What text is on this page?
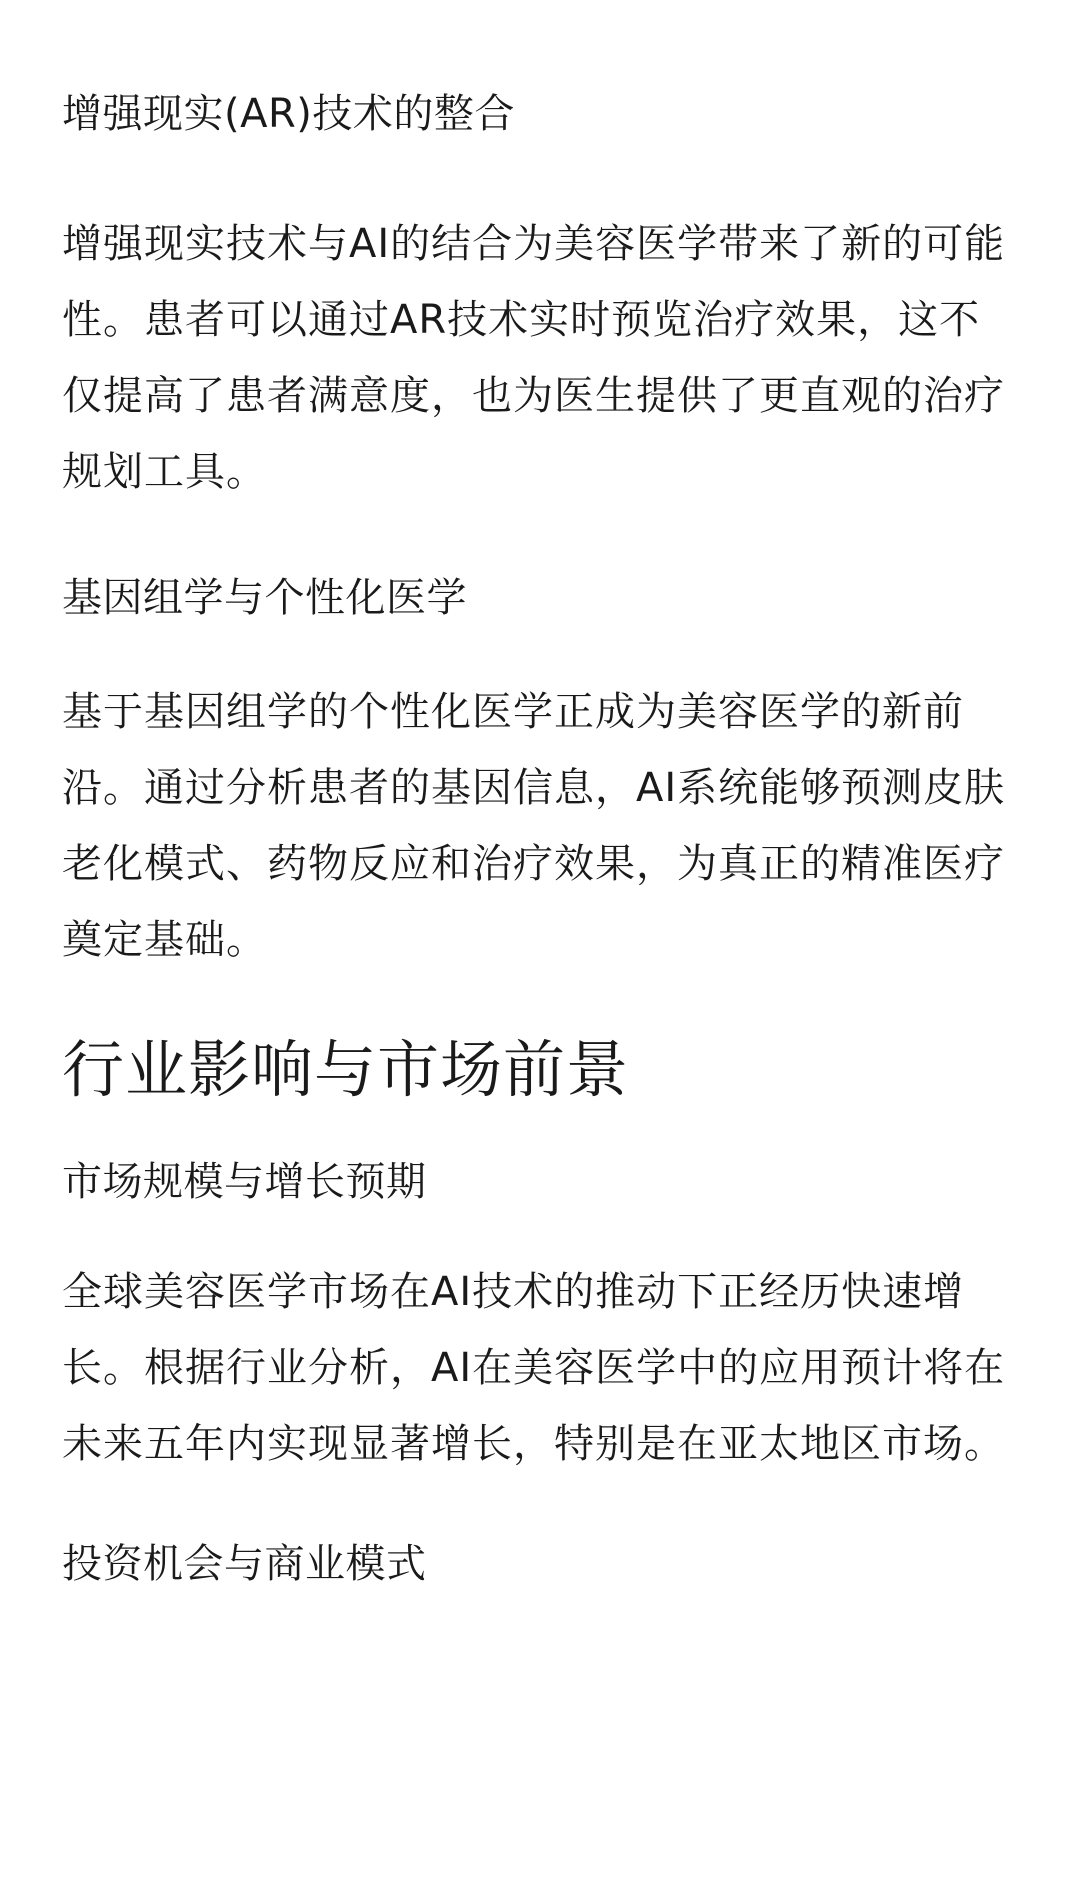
增强现实(AR)技术的整合

增强现实技术与AI的结合为美容医学带来了新的可能性。患者可以通过AR技术实时预览治疗效果，这不仅提高了患者满意度，也为医生提供了更直观的治疗规划工具。

基因组学与个性化医学

基于基因组学的个性化医学正成为美容医学的新前沿。通过分析患者的基因信息，AI系统能够预测皮肤老化模式、药物反应和治疗效果，为真正的精准医疗奠定基础。

行业影响与市场前景
市场规模与增长预期

全球美容医学市场在AI技术的推动下正经历快速增长。根据行业分析，AI在美容医学中的应用预计将在未来五年内实现显著增长，特别是在亚太地区市场。

投资机会与商业模式
